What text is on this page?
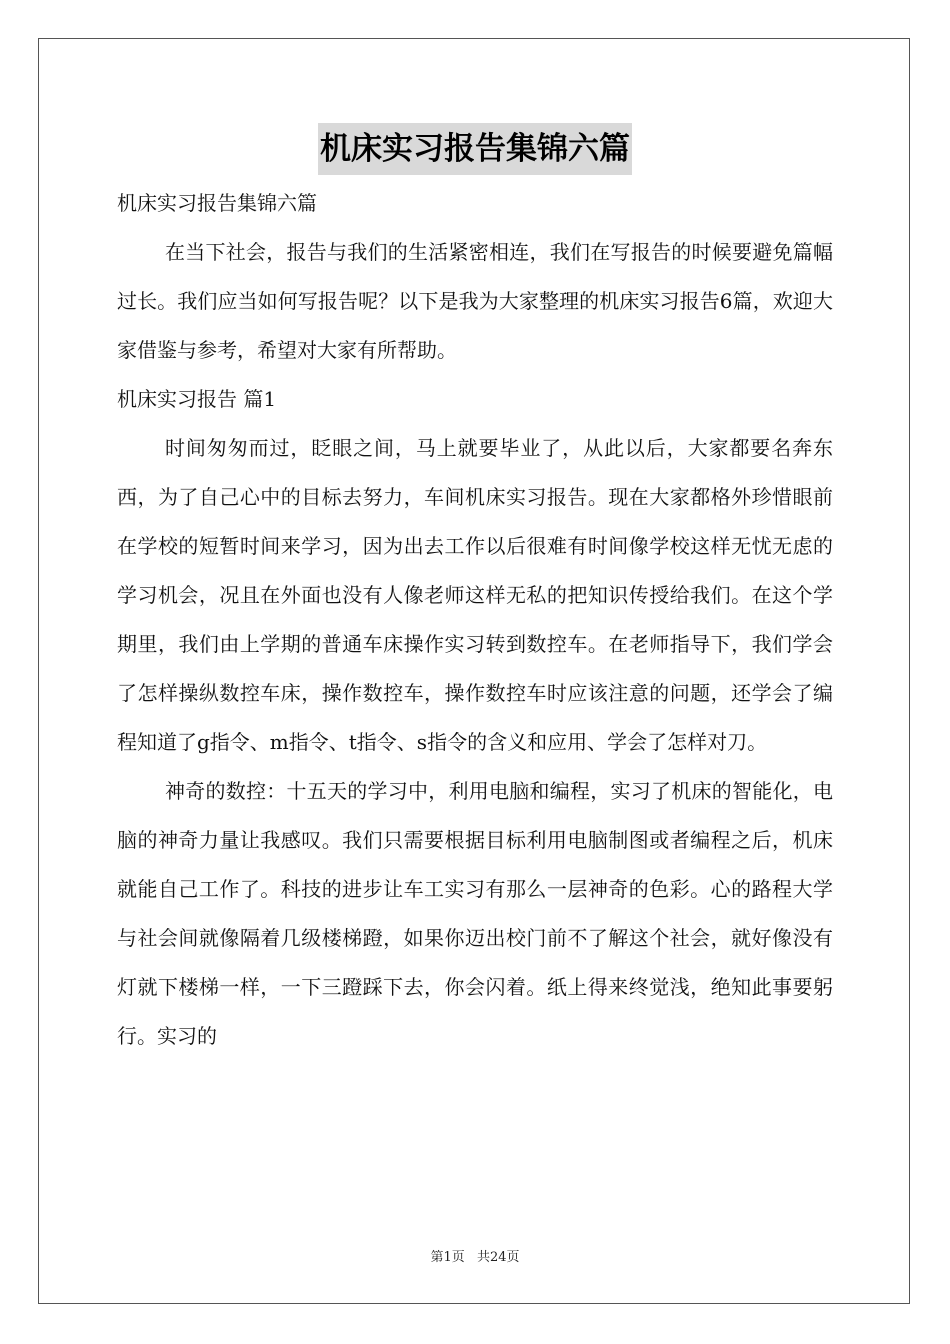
机床实习报告集锦六篇

机床实习报告集锦六篇

在当下社会，报告与我们的生活紧密相连，我们在写报告的时候要避免篇幅过长。我们应当如何写报告呢？以下是我为大家整理的机床实习报告6篇，欢迎大家借鉴与参考，希望对大家有所帮助。

机床实习报告 篇1

时间匆匆而过，眨眼之间，马上就要毕业了，从此以后，大家都要名奔东西，为了自己心中的目标去努力，车间机床实习报告。现在大家都格外珍惜眼前在学校的短暂时间来学习，因为出去工作以后很难有时间像学校这样无忧无虑的学习机会，况且在外面也没有人像老师这样无私的把知识传授给我们。在这个学期里，我们由上学期的普通车床操作实习转到数控车。在老师指导下，我们学会了怎样操纵数控车床，操作数控车，操作数控车时应该注意的问题，还学会了编程知道了g指令、m指令、t指令、s指令的含义和应用、学会了怎样对刀。

神奇的数控：十五天的学习中，利用电脑和编程，实习了机床的智能化，电脑的神奇力量让我感叹。我们只需要根据目标利用电脑制图或者编程之后，机床就能自己工作了。科技的进步让车工实习有那么一层神奇的色彩。心的路程大学与社会间就像隔着几级楼梯蹬，如果你迈出校门前不了解这个社会，就好像没有灯就下楼梯一样，一下三蹬踩下去，你会闪着。纸上得来终觉浅，绝知此事要躬行。实习的

第1页 共24页
